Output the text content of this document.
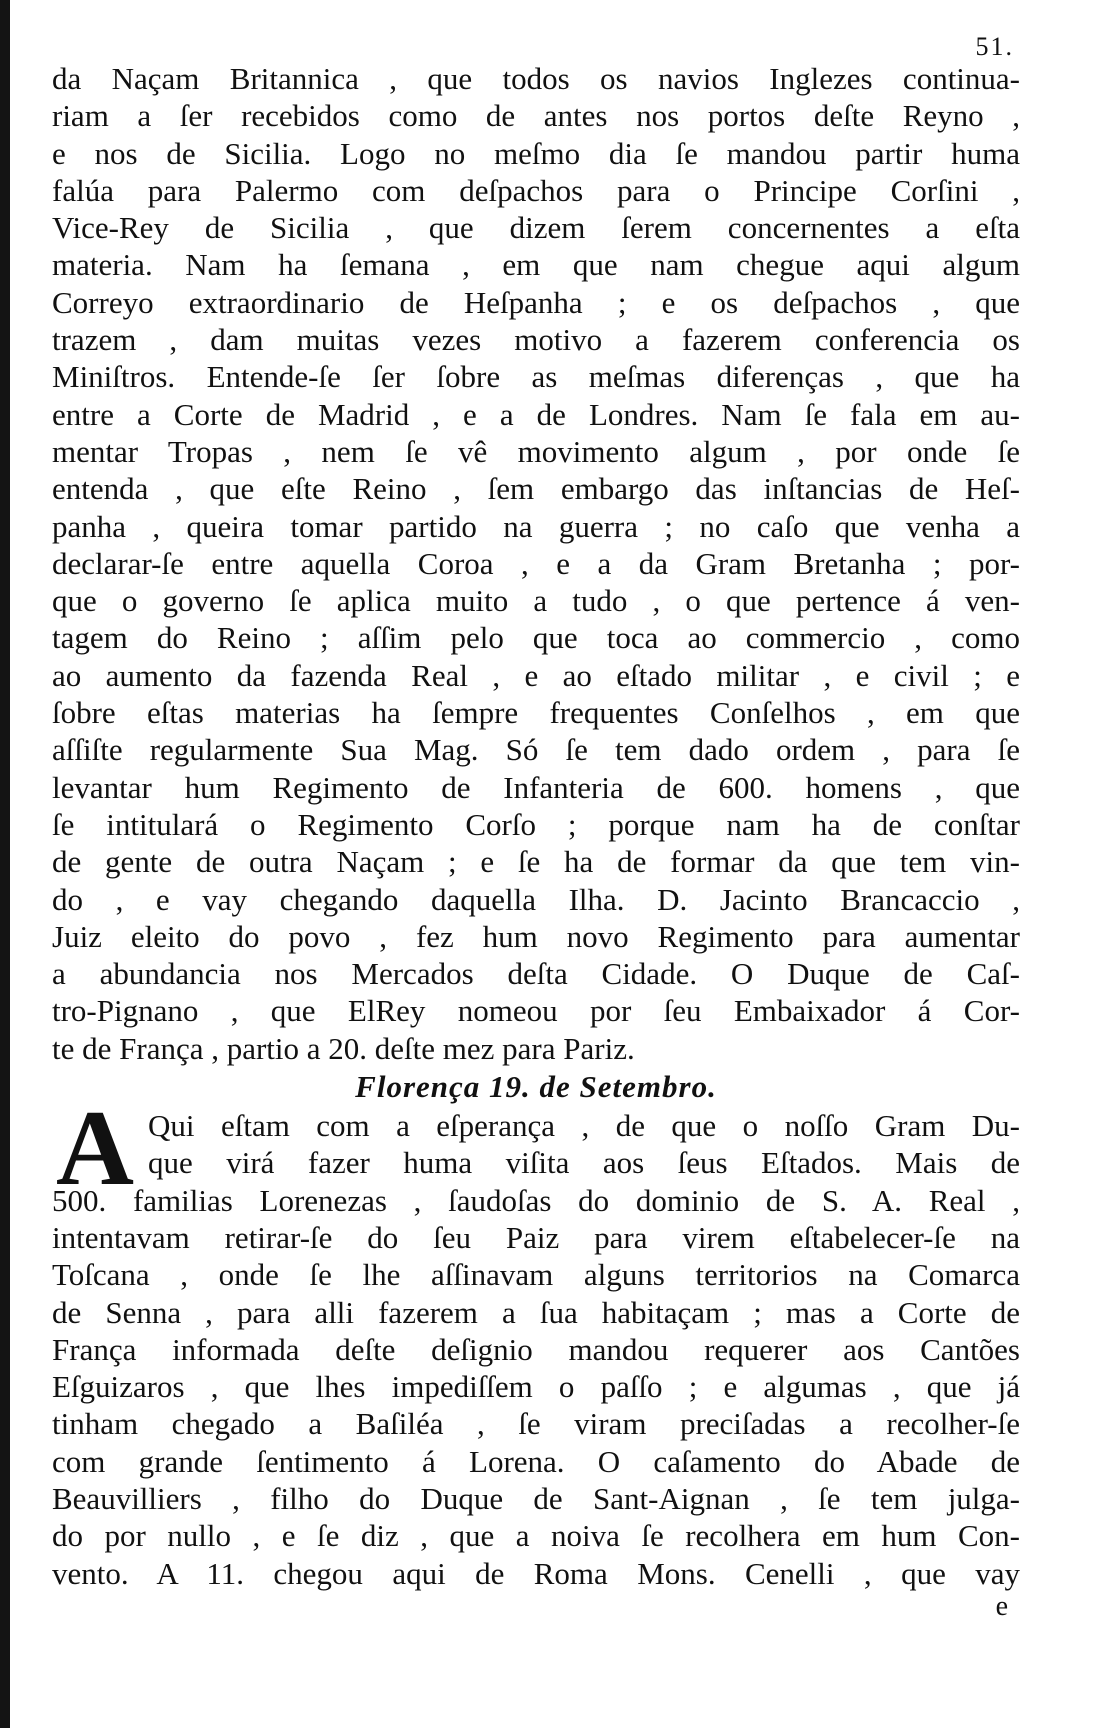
51.
da Naçam Britannica , que todos os navios Inglezes continua-
riam a ſer recebidos como de antes nos portos deſte Reyno ,
e nos de Sicilia. Logo no meſmo dia ſe mandou partir huma
falúa para Palermo com deſpachos para o Principe Corſini ,
Vice-Rey de Sicilia , que dizem ſerem concernentes a eſta
materia. Nam ha ſemana , em que nam chegue aqui algum
Correyo extraordinario de Heſpanha ; e os deſpachos , que
trazem , dam muitas vezes motivo a fazerem conferencia os
Miniſtros. Entende-ſe ſer ſobre as meſmas diferenças , que ha
entre a Corte de Madrid , e a de Londres. Nam ſe fala em au-
mentar Tropas , nem ſe vê movimento algum , por onde ſe
entenda , que eſte Reino , ſem embargo das inſtancias de Heſ-
panha , queira tomar partido na guerra ; no caſo que venha a
declarar-ſe entre aquella Coroa , e a da Gram Bretanha ; por-
que o governo ſe aplica muito a tudo , o que pertence á ven-
tagem do Reino ; aſſim pelo que toca ao commercio , como
ao aumento da fazenda Real , e ao eſtado militar , e civil ; e
ſobre eſtas materias ha ſempre frequentes Conſelhos , em que
aſſiſte regularmente Sua Mag. Só ſe tem dado ordem , para ſe
levantar hum Regimento de Infanteria de 600. homens , que
ſe intitulará o Regimento Corſo ; porque nam ha de conſtar
de gente de outra Naçam ; e ſe ha de formar da que tem vin-
do , e vay chegando daquella Ilha. D. Jacinto Brancaccio ,
Juiz eleito do povo , fez hum novo Regimento para aumentar
a abundancia nos Mercados deſta Cidade. O Duque de Caſ-
tro-Pignano , que ElRey nomeou por ſeu Embaixador á Cor-
te de França , partio a 20. deſte mez para Pariz.
Florença 19. de Setembro.
A Qui eſtam com a eſperança , de que o noſſo Gram Du-
que virá fazer huma viſita aos ſeus Eſtados. Mais de
500. familias Lorenezas , ſaudoſas do dominio de S. A. Real ,
intentavam retirar-ſe do ſeu Paiz para virem eſtabelecer-ſe na
Toſcana , onde ſe lhe aſſinavam alguns territorios na Comarca
de Senna , para alli fazerem a ſua habitaçam ; mas a Corte de
França informada deſte deſignio mandou requerer aos Cantões
Eſguizaros , que lhes impediſſem o paſſo ; e algumas , que já
tinham chegado a Baſiléa , ſe viram preciſadas a recolher-ſe
com grande ſentimento á Lorena. O caſamento do Abade de
Beauvilliers , filho do Duque de Sant-Aignan , ſe tem julga-
do por nullo , e ſe diz , que a noiva ſe recolhera em hum Con-
vento. A 11. chegou aqui de Roma Mons. Cenelli , que vay
e
